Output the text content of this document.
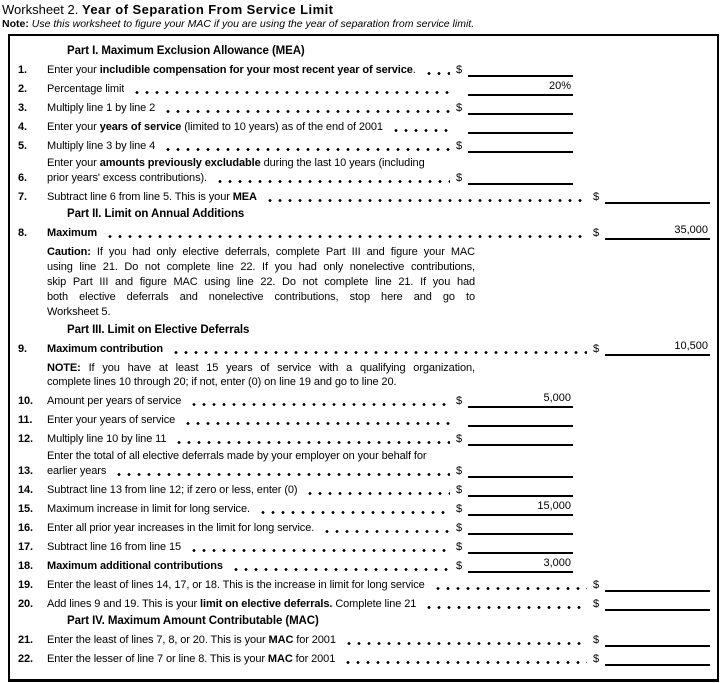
Worksheet 2. Year of Separation From Service Limit
Note: Use this worksheet to figure your MAC if you are using the year of separation from service limit.
Part I. Maximum Exclusion Allowance (MEA)
1.	Enter your includible compensation for your most recent year of service.	$
2.	Percentage limit	20%
3.	Multiply line 1 by line 2	$
4.	Enter your years of service (limited to 10 years) as of the end of 2001
5.	Multiply line 3 by line 4	$
6.
Enter your amounts previously excludable during the last 10 years (including
prior years' excess contributions).	$
7.	Subtract line 6 from line 5. This is your MEA	$
Part II. Limit on Annual Additions
8.	Maximum	$	35,000
Caution: If you had only elective deferrals, complete Part III and figure your MAC
using line 21. Do not complete line 22. If you had only nonelective contributions,
skip Part III and figure MAC using line 22. Do not complete line 21. If you had
both elective deferrals and nonelective contributions, stop here and go to
Worksheet 5.
Part III. Limit on Elective Deferrals
9.	Maximum contribution	$	10,500
NOTE: If you have at least 15 years of service with a qualifying organization,
complete lines 10 through 20; if not, enter (0) on line 19 and go to line 20.
10.	Amount per years of service	$	5,000
11.	Enter your years of service
12.	Multiply line 10 by line 11	$
13.
Enter the total of all elective deferrals made by your employer on your behalf for
earlier years	$
14.	Subtract line 13 from line 12; if zero or less, enter (0)	$
15.	Maximum increase in limit for long service.	$	15,000
16.	Enter all prior year increases in the limit for long service.	$
17.	Subtract line 16 from line 15	$
18.	Maximum additional contributions	$	3,000
19.	Enter the least of lines 14, 17, or 18. This is the increase in limit for long service	$
20.	Add lines 9 and 19. This is your limit on elective deferrals. Complete line 21	$
Part IV. Maximum Amount Contributable (MAC)
21.	Enter the least of lines 7, 8, or 20. This is your MAC for 2001	$
22.	Enter the lesser of line 7 or line 8. This is your MAC for 2001	$
